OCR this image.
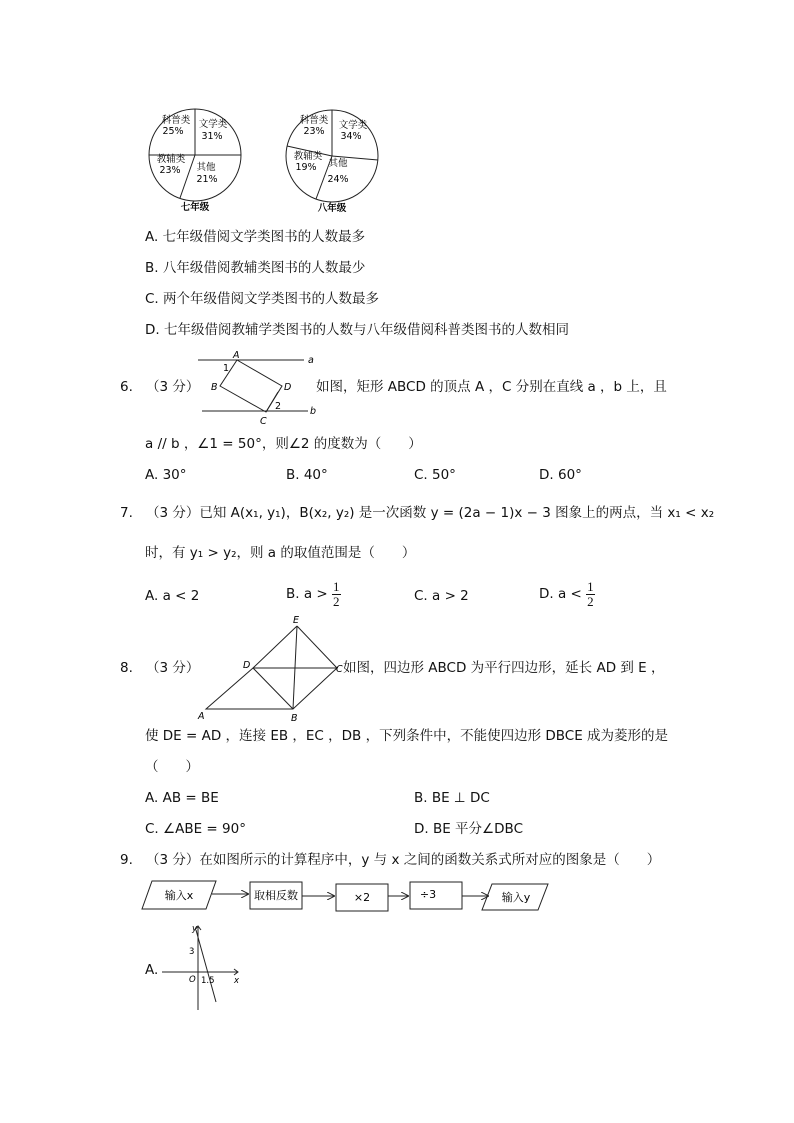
科普类
25%
文学类
31%
教辅类
23% 其他
21%
七年级
科普类
23%
文学类
34%
教辅类
19% 其他
24%
八年级
A. 七年级借阅文学类图书的人数最多
B. 八年级借阅教辅类图书的人数最少
C. 两个年级借阅文学类图书的人数最多
D. 七年级借阅教辅学类图书的人数与八年级借阅科普类图书的人数相同
6. （3 分）
A
B
C
D
a
b
1
2
如图，矩形 ABCD 的顶点 A ，C 分别在直线 a ，b 上，且
a // b ，∠1 = 50°，则∠2 的度数为（　　）
A. 30°	B. 40°	C. 50°	D. 60°
7. （3 分）已知 A(x₁, y₁)，B(x₂, y₂) 是一次函数 y = (2a − 1)x − 3 图象上的两点，当 x₁ < x₂
时，有 y₁ > y₂，则 a 的取值范围是（　　）
A. a < 2	B. $a > \frac{1}{2}$	C. a > 2	D. $a < \frac{1}{2}$
8. （3 分）
A	B
C
D
E
如图，四边形 ABCD 为平行四边形，延长 AD 到 E ，
使 DE = AD ，连接 EB ，EC ，DB ，下列条件中，不能使四边形 DBCE 成为菱形的是
（　　）
A. AB = BE	B. BE ⊥ DC
C. ∠ABE = 90°	D. BE 平分∠DBC
9. （3 分）在如图所示的计算程序中，y 与 x 之间的函数关系式所对应的图象是（　　）
输入x	取相反数	×2	÷3	输入y
A.
y
x
O
3
1.5
